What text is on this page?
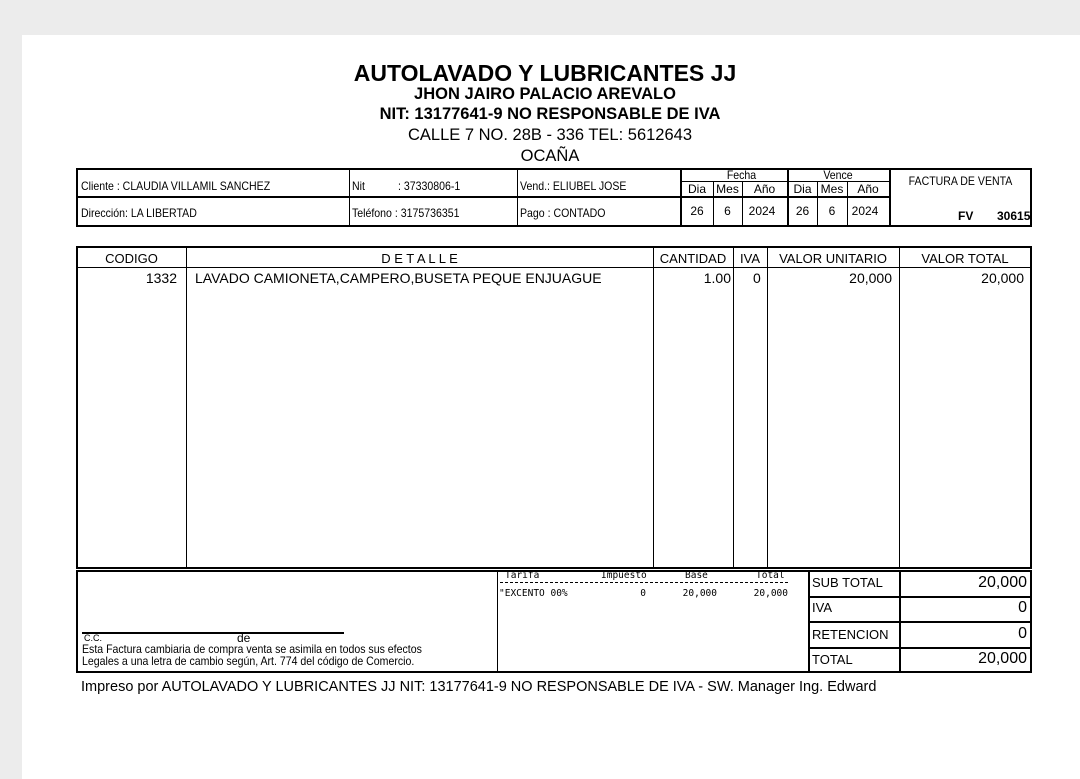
AUTOLAVADO Y LUBRICANTES JJ
JHON JAIRO PALACIO AREVALO
NIT: 13177641-9 NO RESPONSABLE DE IVA
CALLE 7 NO. 28B - 336 TEL: 5612643
OCAÑA
Cliente : CLAUDIA VILLAMIL SANCHEZ	Nit	: 37330806-1	Vend.: ELIUBEL JOSE
Dirección: LA LIBERTAD	Teléfono : 3175736351	Pago : CONTADO
Fecha	Vence
Dia Mes	Año	Dia Mes	Año
26	6	2024	26	6	2024
FACTURA DE VENTA
FV 30615
CODIGO	D E T A L L E	CANTIDAD	IVA	VALOR UNITARIO	VALOR TOTAL
1332 LAVADO CAMIONETA,CAMPERO,BUSETA PEQUE ENJUAGUE	1.00 0	20,000	20,000
Tarifa	Impuesto	Base	Total
"EXCENTO 00%	0	20,000	20,000
C.C.	de
Esta Factura cambiaria de compra venta se asimila en todos sus efectos
Legales a una letra de cambio según, Art. 774 del código de Comercio.
SUB TOTAL	20,000
IVA	0
RETENCION	0
TOTAL	20,000
Impreso por AUTOLAVADO Y LUBRICANTES JJ NIT: 13177641-9 NO RESPONSABLE DE IVA - SW. Manager Ing. Edward
